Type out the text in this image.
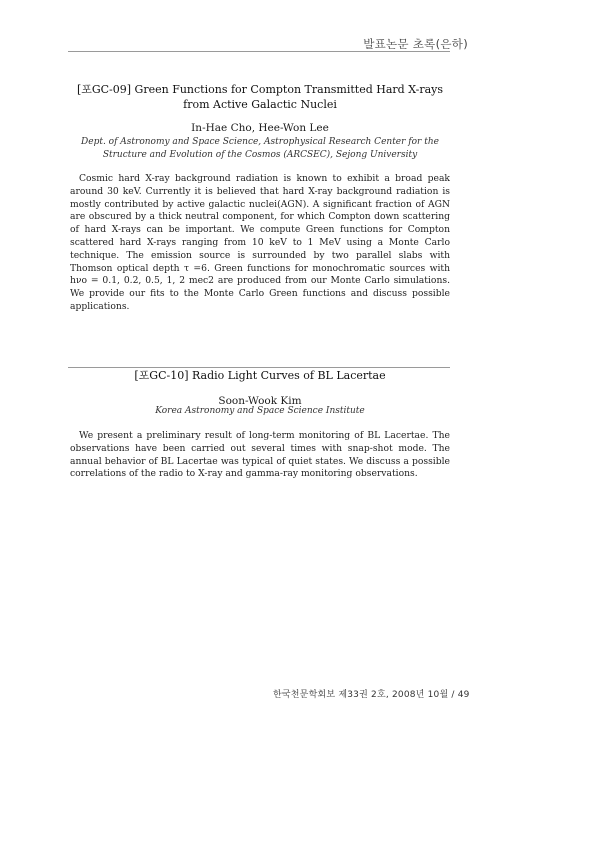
발표논문 초록(은하)
[포GC-09] Green Functions for Compton Transmitted Hard X-rays
from Active Galactic Nuclei
In-Hae Cho, Hee-Won Lee
Dept. of Astronomy and Space Science, Astrophysical Research Center for the
Structure and Evolution of the Cosmos (ARCSEC), Sejong University
Cosmic hard X-ray background radiation is known to exhibit a broad peak around 30 keV. Currently it is believed that hard X-ray background radiation is mostly contributed by active galactic nuclei(AGN). A significant fraction of AGN are obscured by a thick neutral component, for which Compton down scattering of hard X-rays can be important. We compute Green functions for Compton scattered hard X-rays ranging from 10 keV to 1 MeV using a Monte Carlo technique. The emission source is surrounded by two parallel slabs with Thomson optical depth τ =6. Green functions for monochromatic sources with hνo = 0.1, 0.2, 0.5, 1, 2 mec2 are produced from our Monte Carlo simulations. We provide our fits to the Monte Carlo Green functions and discuss possible applications.
[포GC-10] Radio Light Curves of BL Lacertae
Soon-Wook Kim
Korea Astronomy and Space Science Institute
We present a preliminary result of long-term monitoring of BL Lacertae. The observations have been carried out several times with snap-shot mode. The annual behavior of BL Lacertae was typical of quiet states. We discuss a possible correlations of the radio to X-ray and gamma-ray monitoring observations.
한국천문학회보 제33권 2호, 2008년 10월 / 49
